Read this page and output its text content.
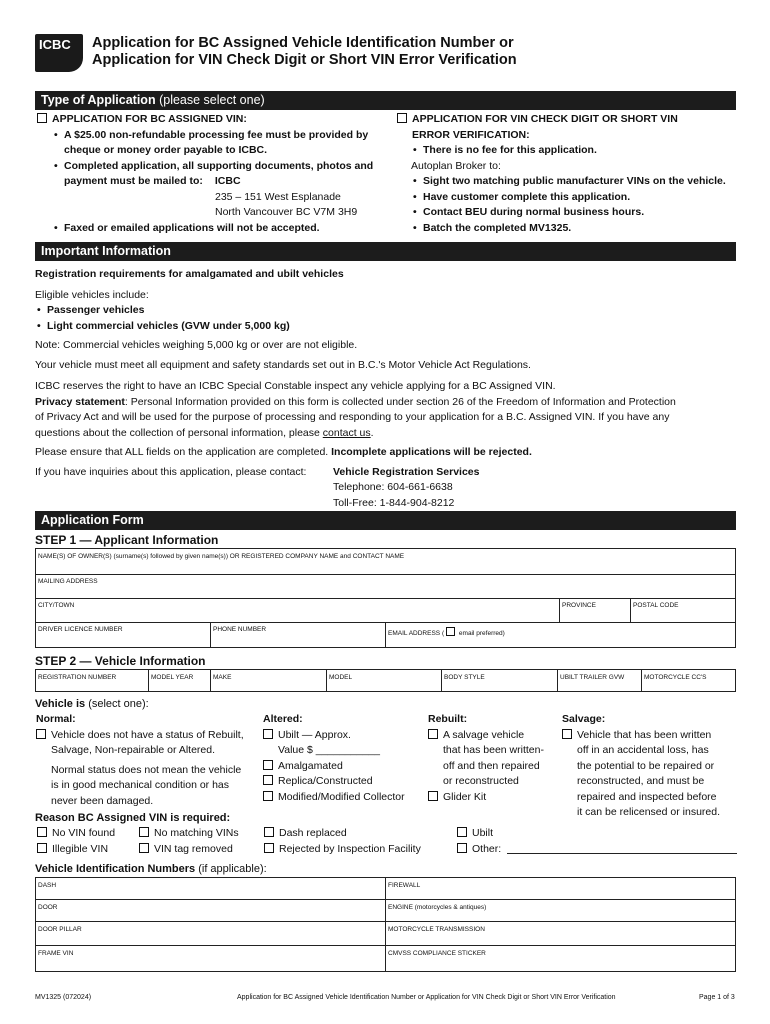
ICBC	Application for BC Assigned Vehicle Identification Number or
Application for VIN Check Digit or Short VIN Error Verification
Type of Application (please select one)
APPLICATION FOR BC ASSIGNED VIN:
• A $25.00 non-refundable processing fee must be provided by
cheque or money order payable to ICBC.
• Completed application, all supporting documents, photos and
payment must be mailed to: ICBC
235 – 151 West Esplanade
North Vancouver BC V7M 3H9
• Faxed or emailed applications will not be accepted.
APPLICATION FOR VIN CHECK DIGIT OR SHORT VIN
ERROR VERIFICATION:
• There is no fee for this application.
Autoplan Broker to:
• Sight two matching public manufacturer VINs on the vehicle.
• Have customer complete this application.
• Contact BEU during normal business hours.
• Batch the completed MV1325.
Important Information
Registration requirements for amalgamated and ubilt vehicles
Eligible vehicles include:
• Passenger vehicles
• Light commercial vehicles (GVW under 5,000 kg)
Note: Commercial vehicles weighing 5,000 kg or over are not eligible.
Your vehicle must meet all equipment and safety standards set out in B.C.'s Motor Vehicle Act Regulations.
ICBC reserves the right to have an ICBC Special Constable inspect any vehicle applying for a BC Assigned VIN.
Privacy statement: Personal Information provided on this form is collected under section 26 of the Freedom of Information and Protection
of Privacy Act and will be used for the purpose of processing and responding to your application for a B.C. Assigned VIN. If you have any
questions about the collection of personal information, please contact us.
Please ensure that ALL fields on the application are completed. Incomplete applications will be rejected.
If you have inquiries about this application, please contact:	Vehicle Registration Services
Telephone: 604-661-6638
Toll-Free: 1-844-904-8212
Application Form
STEP 1 — Applicant Information
NAME(S) OF OWNER(S) (surname(s) followed by given name(s)) OR REGISTERED COMPANY NAME and CONTACT NAME
MAILING ADDRESS
CITY/TOWN	PROVINCE	POSTAL CODE
DRIVER LICENCE NUMBER	PHONE NUMBER
EMAIL ADDRESS ( email preferred)
STEP 2 — Vehicle Information
REGISTRATION NUMBER	MODEL YEAR	MAKE	MODEL	BODY STYLE	UBILT TRAILER GVW	MOTORCYCLE CC'S
Vehicle is (select one):
Normal:
Vehicle does not have a status of Rebuilt,
Salvage, Non-repairable or Altered.
Normal status does not mean the vehicle
is in good mechanical condition or has
never been damaged.
Altered:
Ubilt — Approx.
Value $ ___________
Amalgamated
Replica/Constructed
Modified/Modified Collector
Rebuilt:
A salvage vehicle
that has been written-
off and then repaired
or reconstructed
Glider Kit
Salvage:
Vehicle that has been written
off in an accidental loss, has
the potential to be repaired or
reconstructed, and must be
repaired and inspected before
it can be relicensed or insured.
Reason BC Assigned VIN is required:
No VIN found
Illegible VIN
No matching VINs
VIN tag removed
Dash replaced
Rejected by Inspection Facility
Ubilt
Other:
Vehicle Identification Numbers (if applicable):
DASH	FIREWALL
DOOR	ENGINE (motorcycles & antiques)
DOOR PILLAR	MOTORCYCLE TRANSMISSION
FRAME VIN	CMVSS COMPLIANCE STICKER
MV1325 (072024)	Application for BC Assigned Vehicle Identification Number or Application for VIN Check Digit or Short VIN Error Verification	Page 1 of 3
